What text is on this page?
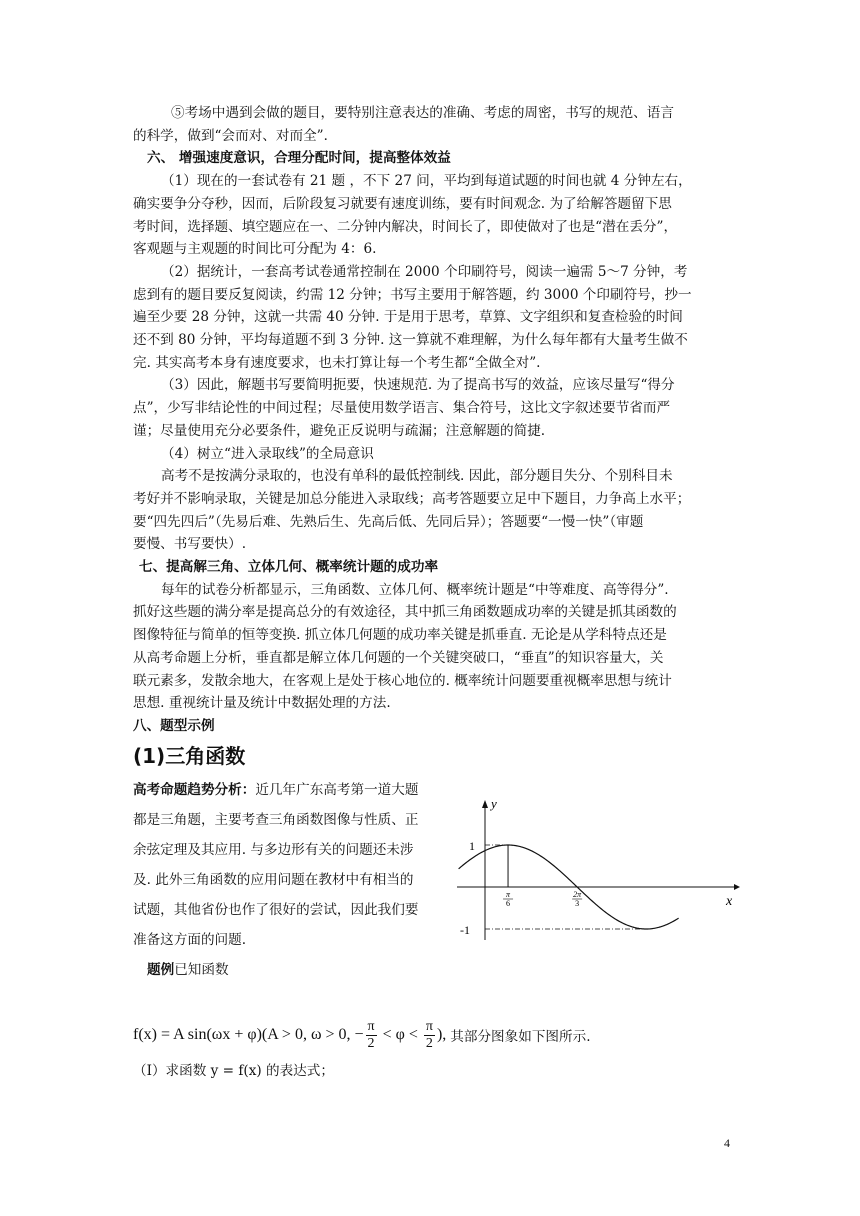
⑤考场中遇到会做的题目，要特别注意表达的准确、考虑的周密，书写的规范、语言
的科学，做到“会而对、对而全”．
六、 增强速度意识，合理分配时间，提高整体效益
（1）现在的一套试卷有 21 题 ，不下 27 问，平均到每道试题的时间也就 4 分钟左右，
确实要争分夺秒，因而，后阶段复习就要有速度训练，要有时间观念. 为了给解答题留下思
考时间，选择题、填空题应在一、二分钟内解决，时间长了，即使做对了也是“潜在丢分”，
客观题与主观题的时间比可分配为 4：6.
（2）据统计，一套高考试卷通常控制在 2000 个印刷符号，阅读一遍需 5～7 分钟，考
虑到有的题目要反复阅读，约需 12 分钟；书写主要用于解答题，约 3000 个印刷符号，抄一
遍至少要 28 分钟，这就一共需 40 分钟. 于是用于思考，草算、文字组织和复查检验的时间
还不到 80 分钟，平均每道题不到 3 分钟. 这一算就不难理解，为什么每年都有大量考生做不
完. 其实高考本身有速度要求，也未打算让每一个考生都“全做全对”.
（3）因此，解题书写要简明扼要，快速规范. 为了提高书写的效益，应该尽量写“得分
点”，少写非结论性的中间过程；尽量使用数学语言、集合符号，这比文字叙述要节省而严
谨；尽量使用充分必要条件，避免正反说明与疏漏；注意解题的简捷.
（4）树立“进入录取线”的全局意识
高考不是按满分录取的，也没有单科的最低控制线. 因此，部分题目失分、个别科目未
考好并不影响录取，关键是加总分能进入录取线；高考答题要立足中下题目，力争高上水平；
要“四先四后”（先易后难、先熟后生、先高后低、先同后异）；答题要“一慢一快”（审题
要慢、书写要快）.
七、提高解三角、立体几何、概率统计题的成功率
每年的试卷分析都显示，三角函数、立体几何、概率统计题是“中等难度、高等得分”.
抓好这些题的满分率是提高总分的有效途径，其中抓三角函数题成功率的关键是抓其函数的
图像特征与简单的恒等变换. 抓立体几何题的成功率关键是抓垂直. 无论是从学科特点还是
从高考命题上分析，垂直都是解立体几何题的一个关键突破口，“垂直”的知识容量大，关
联元素多，发散余地大，在客观上是处于核心地位的. 概率统计问题要重视概率思想与统计
思想. 重视统计量及统计中数据处理的方法.
八、题型示例
(1)三角函数
高考命题趋势分析：近几年广东高考第一道大题
都是三角题，主要考查三角函数图像与性质、正
余弦定理及其应用. 与多边形有关的问题还未涉
及. 此外三角函数的应用问题在教材中有相当的
试题，其他省份也作了很好的尝试，因此我们要
准备这方面的问题.
题例已知函数
f(x) = A sin(ωx + φ)(A > 0, ω > 0, − $\frac{\pi}{2} < \varphi < \frac{\pi}{2}$ ), 其部分图象如下图所示.
（Ⅰ）求函数 y = f(x) 的表达式；
x
y
1
-1
π
6
2π
3
4
